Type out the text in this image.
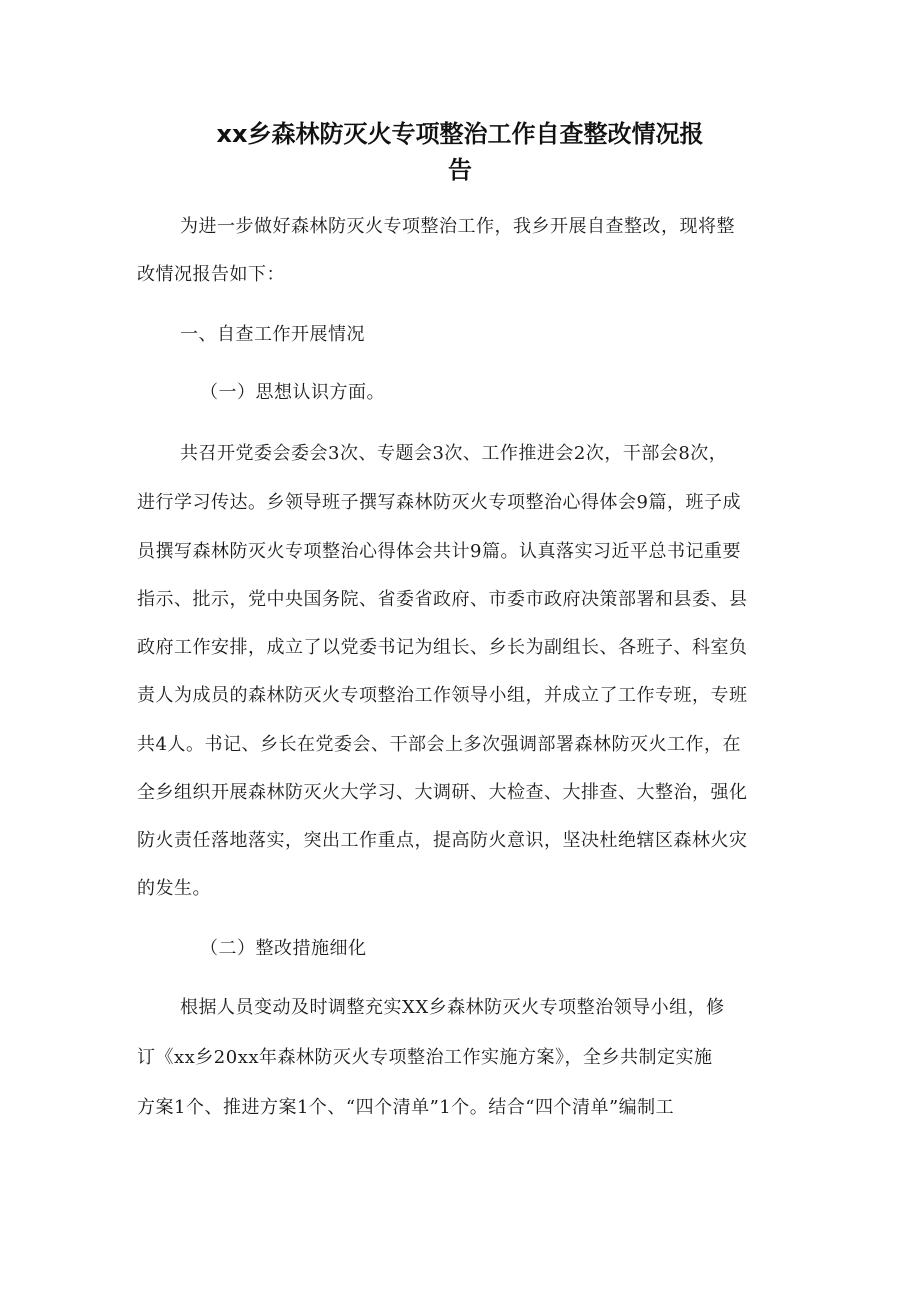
xx乡森林防灭火专项整治工作自查整改情况报
告
为进一步做好森林防灭火专项整治工作，我乡开展自查整改，现将整
改情况报告如下：
一、自查工作开展情况
（一）思想认识方面。
共召开党委会委会3次、专题会3次、工作推进会2次，干部会8次，
进行学习传达。乡领导班子撰写森林防灭火专项整治心得体会9篇，班子成
员撰写森林防灭火专项整治心得体会共计9篇。认真落实习近平总书记重要
指示、批示，党中央国务院、省委省政府、市委市政府决策部署和县委、县
政府工作安排，成立了以党委书记为组长、乡长为副组长、各班子、科室负
责人为成员的森林防灭火专项整治工作领导小组，并成立了工作专班，专班
共4人。书记、乡长在党委会、干部会上多次强调部署森林防灭火工作，在
全乡组织开展森林防灭火大学习、大调研、大检查、大排查、大整治，强化
防火责任落地落实，突出工作重点，提高防火意识，坚决杜绝辖区森林火灾
的发生。
（二）整改措施细化
根据人员变动及时调整充实XX乡森林防灭火专项整治领导小组，修
订《xx乡20xx年森林防灭火专项整治工作实施方案》，全乡共制定实施
方案1个、推进方案1个、“四个清单”1个。结合“四个清单”编制工
